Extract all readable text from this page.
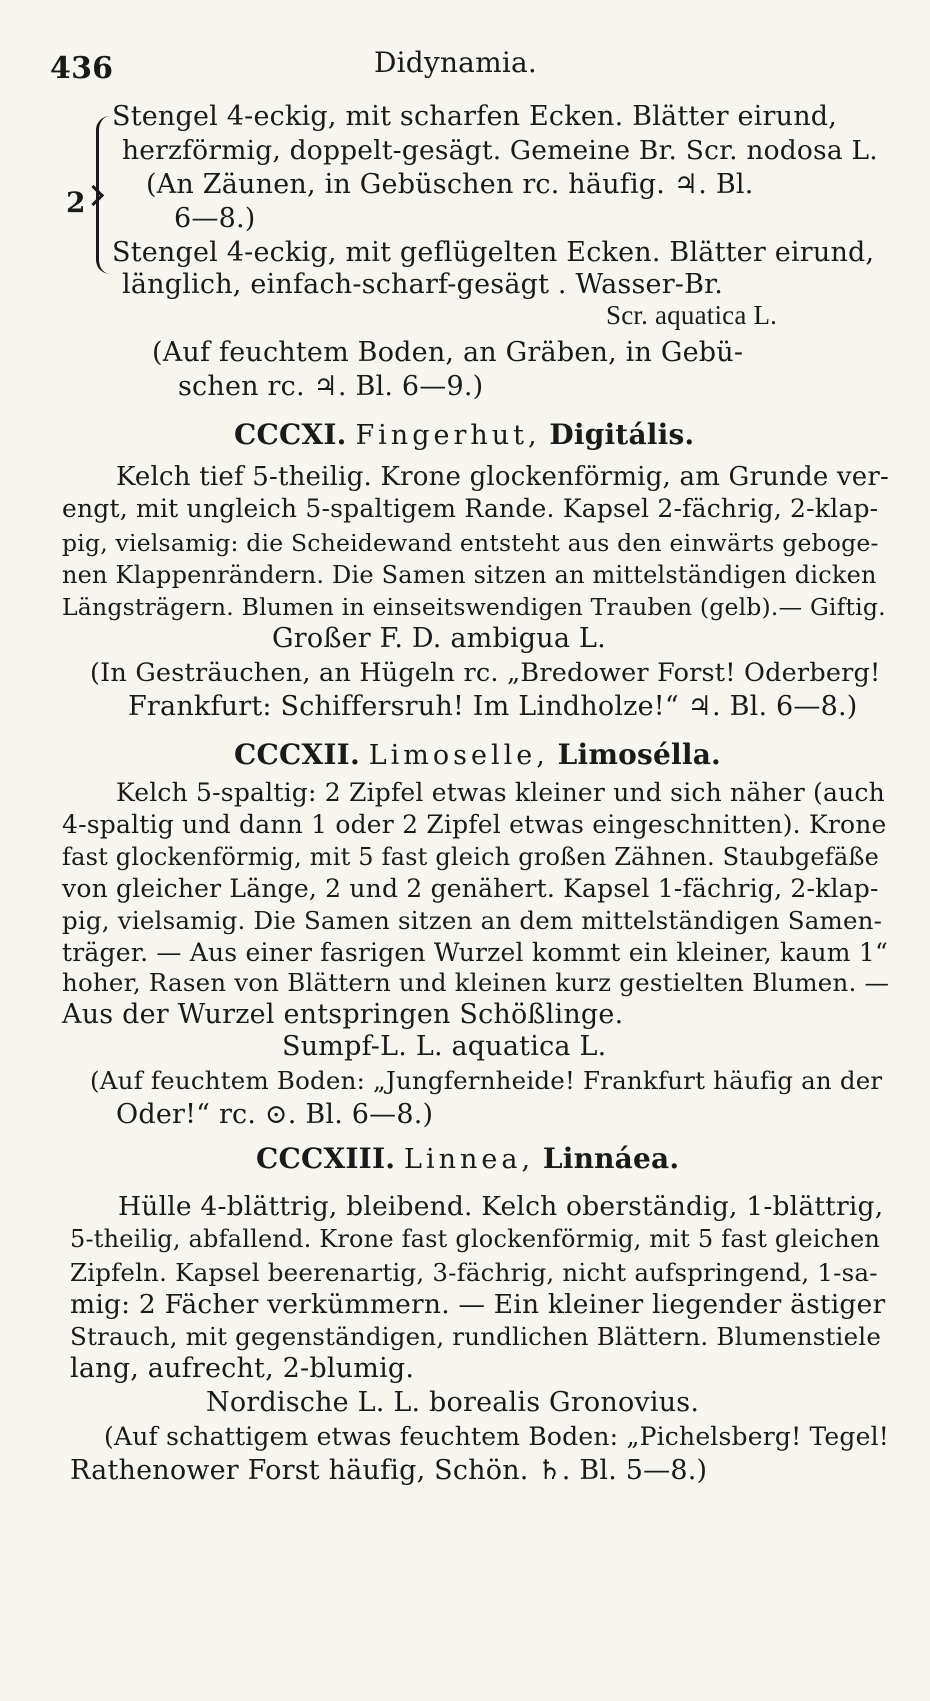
436	Didynamia.
2
Stengel 4-eckig, mit scharfen Ecken. Blätter eirund,
herzförmig, doppelt-gesägt. Gemeine Br. Scr. nodosa L.
(An Zäunen, in Gebüschen rc. häufig. ♃. Bl.
6—8.)
Stengel 4-eckig, mit geflügelten Ecken. Blätter eirund,
länglich, einfach-scharf-gesägt . Wasser-Br.
Scr. aquatica L.
(Auf feuchtem Boden, an Gräben, in Gebü-
schen rc. ♃. Bl. 6—9.)
CCCXI. Fingerhut, Digitális.
Kelch tief 5-theilig. Krone glockenförmig, am Grunde ver-
engt, mit ungleich 5-spaltigem Rande. Kapsel 2-fächrig, 2-klap-
pig, vielsamig: die Scheidewand entsteht aus den einwärts geboge-
nen Klappenrändern. Die Samen sitzen an mittelständigen dicken
Längsträgern. Blumen in einseitswendigen Trauben (gelb).— Giftig.
Großer F. D. ambigua L.
(In Gesträuchen, an Hügeln rc. „Bredower Forst! Oderberg!
Frankfurt: Schiffersruh! Im Lindholze!“ ♃. Bl. 6—8.)
CCCXII. Limoselle, Limosélla.
Kelch 5-spaltig: 2 Zipfel etwas kleiner und sich näher (auch
4-spaltig und dann 1 oder 2 Zipfel etwas eingeschnitten). Krone
fast glockenförmig, mit 5 fast gleich großen Zähnen. Staubgefäße
von gleicher Länge, 2 und 2 genähert. Kapsel 1-fächrig, 2-klap-
pig, vielsamig. Die Samen sitzen an dem mittelständigen Samen-
träger. — Aus einer fasrigen Wurzel kommt ein kleiner, kaum 1“
hoher, Rasen von Blättern und kleinen kurz gestielten Blumen. —
Aus der Wurzel entspringen Schößlinge.
Sumpf-L. L. aquatica L.
(Auf feuchtem Boden: „Jungfernheide! Frankfurt häufig an der
Oder!“ rc. ⊙. Bl. 6—8.)
CCCXIII. Linnea, Linnáea.
Hülle 4-blättrig, bleibend. Kelch oberständig, 1-blättrig,
5-theilig, abfallend. Krone fast glockenförmig, mit 5 fast gleichen
Zipfeln. Kapsel beerenartig, 3-fächrig, nicht aufspringend, 1-sa-
mig: 2 Fächer verkümmern. — Ein kleiner liegender ästiger
Strauch, mit gegenständigen, rundlichen Blättern. Blumenstiele
lang, aufrecht, 2-blumig.
Nordische L. L. borealis Gronovius.
(Auf schattigem etwas feuchtem Boden: „Pichelsberg! Tegel!
Rathenower Forst häufig, Schön. ♄. Bl. 5—8.)
